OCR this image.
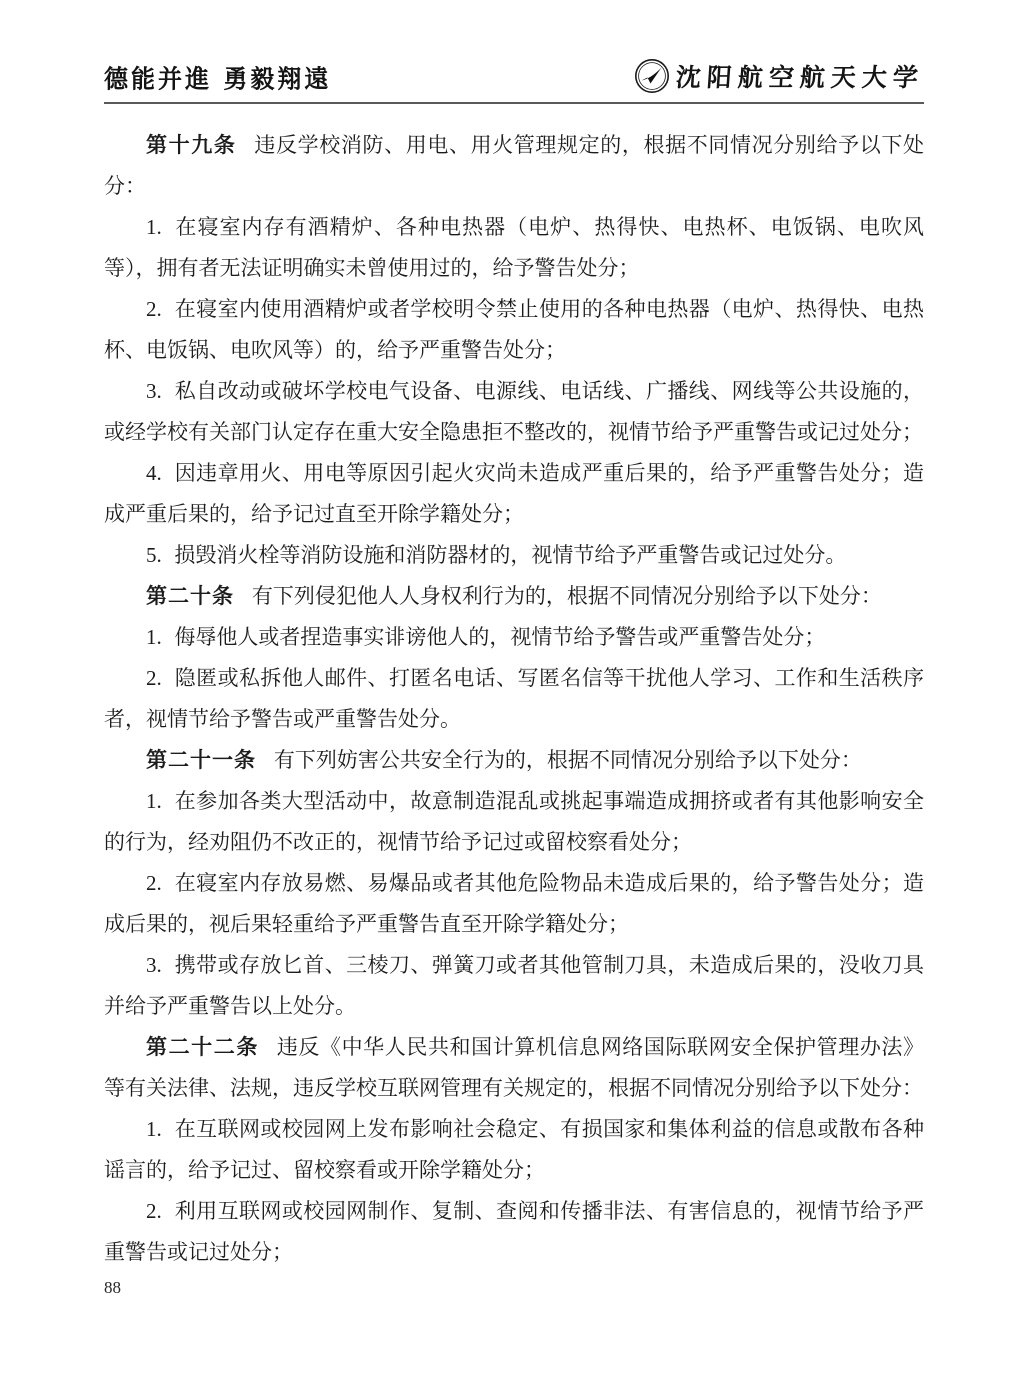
德能并進 勇毅翔遠	沈阳航空航天大学

第十九条 违反学校消防、用电、用火管理规定的，根据不同情况分别给予以下处分：

1. 在寝室内存有酒精炉、各种电热器（电炉、热得快、电热杯、电饭锅、电吹风等），拥有者无法证明确实未曾使用过的，给予警告处分；

2. 在寝室内使用酒精炉或者学校明令禁止使用的各种电热器（电炉、热得快、电热杯、电饭锅、电吹风等）的，给予严重警告处分；

3. 私自改动或破坏学校电气设备、电源线、电话线、广播线、网线等公共设施的，或经学校有关部门认定存在重大安全隐患拒不整改的，视情节给予严重警告或记过处分；

4. 因违章用火、用电等原因引起火灾尚未造成严重后果的，给予严重警告处分；造成严重后果的，给予记过直至开除学籍处分；

5. 损毁消火栓等消防设施和消防器材的，视情节给予严重警告或记过处分。

第二十条 有下列侵犯他人人身权利行为的，根据不同情况分别给予以下处分：

1. 侮辱他人或者捏造事实诽谤他人的，视情节给予警告或严重警告处分；

2. 隐匿或私拆他人邮件、打匿名电话、写匿名信等干扰他人学习、工作和生活秩序者，视情节给予警告或严重警告处分。

第二十一条 有下列妨害公共安全行为的，根据不同情况分别给予以下处分：

1. 在参加各类大型活动中，故意制造混乱或挑起事端造成拥挤或者有其他影响安全的行为，经劝阻仍不改正的，视情节给予记过或留校察看处分；

2. 在寝室内存放易燃、易爆品或者其他危险物品未造成后果的，给予警告处分；造成后果的，视后果轻重给予严重警告直至开除学籍处分；

3. 携带或存放匕首、三棱刀、弹簧刀或者其他管制刀具，未造成后果的，没收刀具并给予严重警告以上处分。

第二十二条 违反《中华人民共和国计算机信息网络国际联网安全保护管理办法》等有关法律、法规，违反学校互联网管理有关规定的，根据不同情况分别给予以下处分：

1. 在互联网或校园网上发布影响社会稳定、有损国家和集体利益的信息或散布各种谣言的，给予记过、留校察看或开除学籍处分；

2. 利用互联网或校园网制作、复制、查阅和传播非法、有害信息的，视情节给予严重警告或记过处分；

88
